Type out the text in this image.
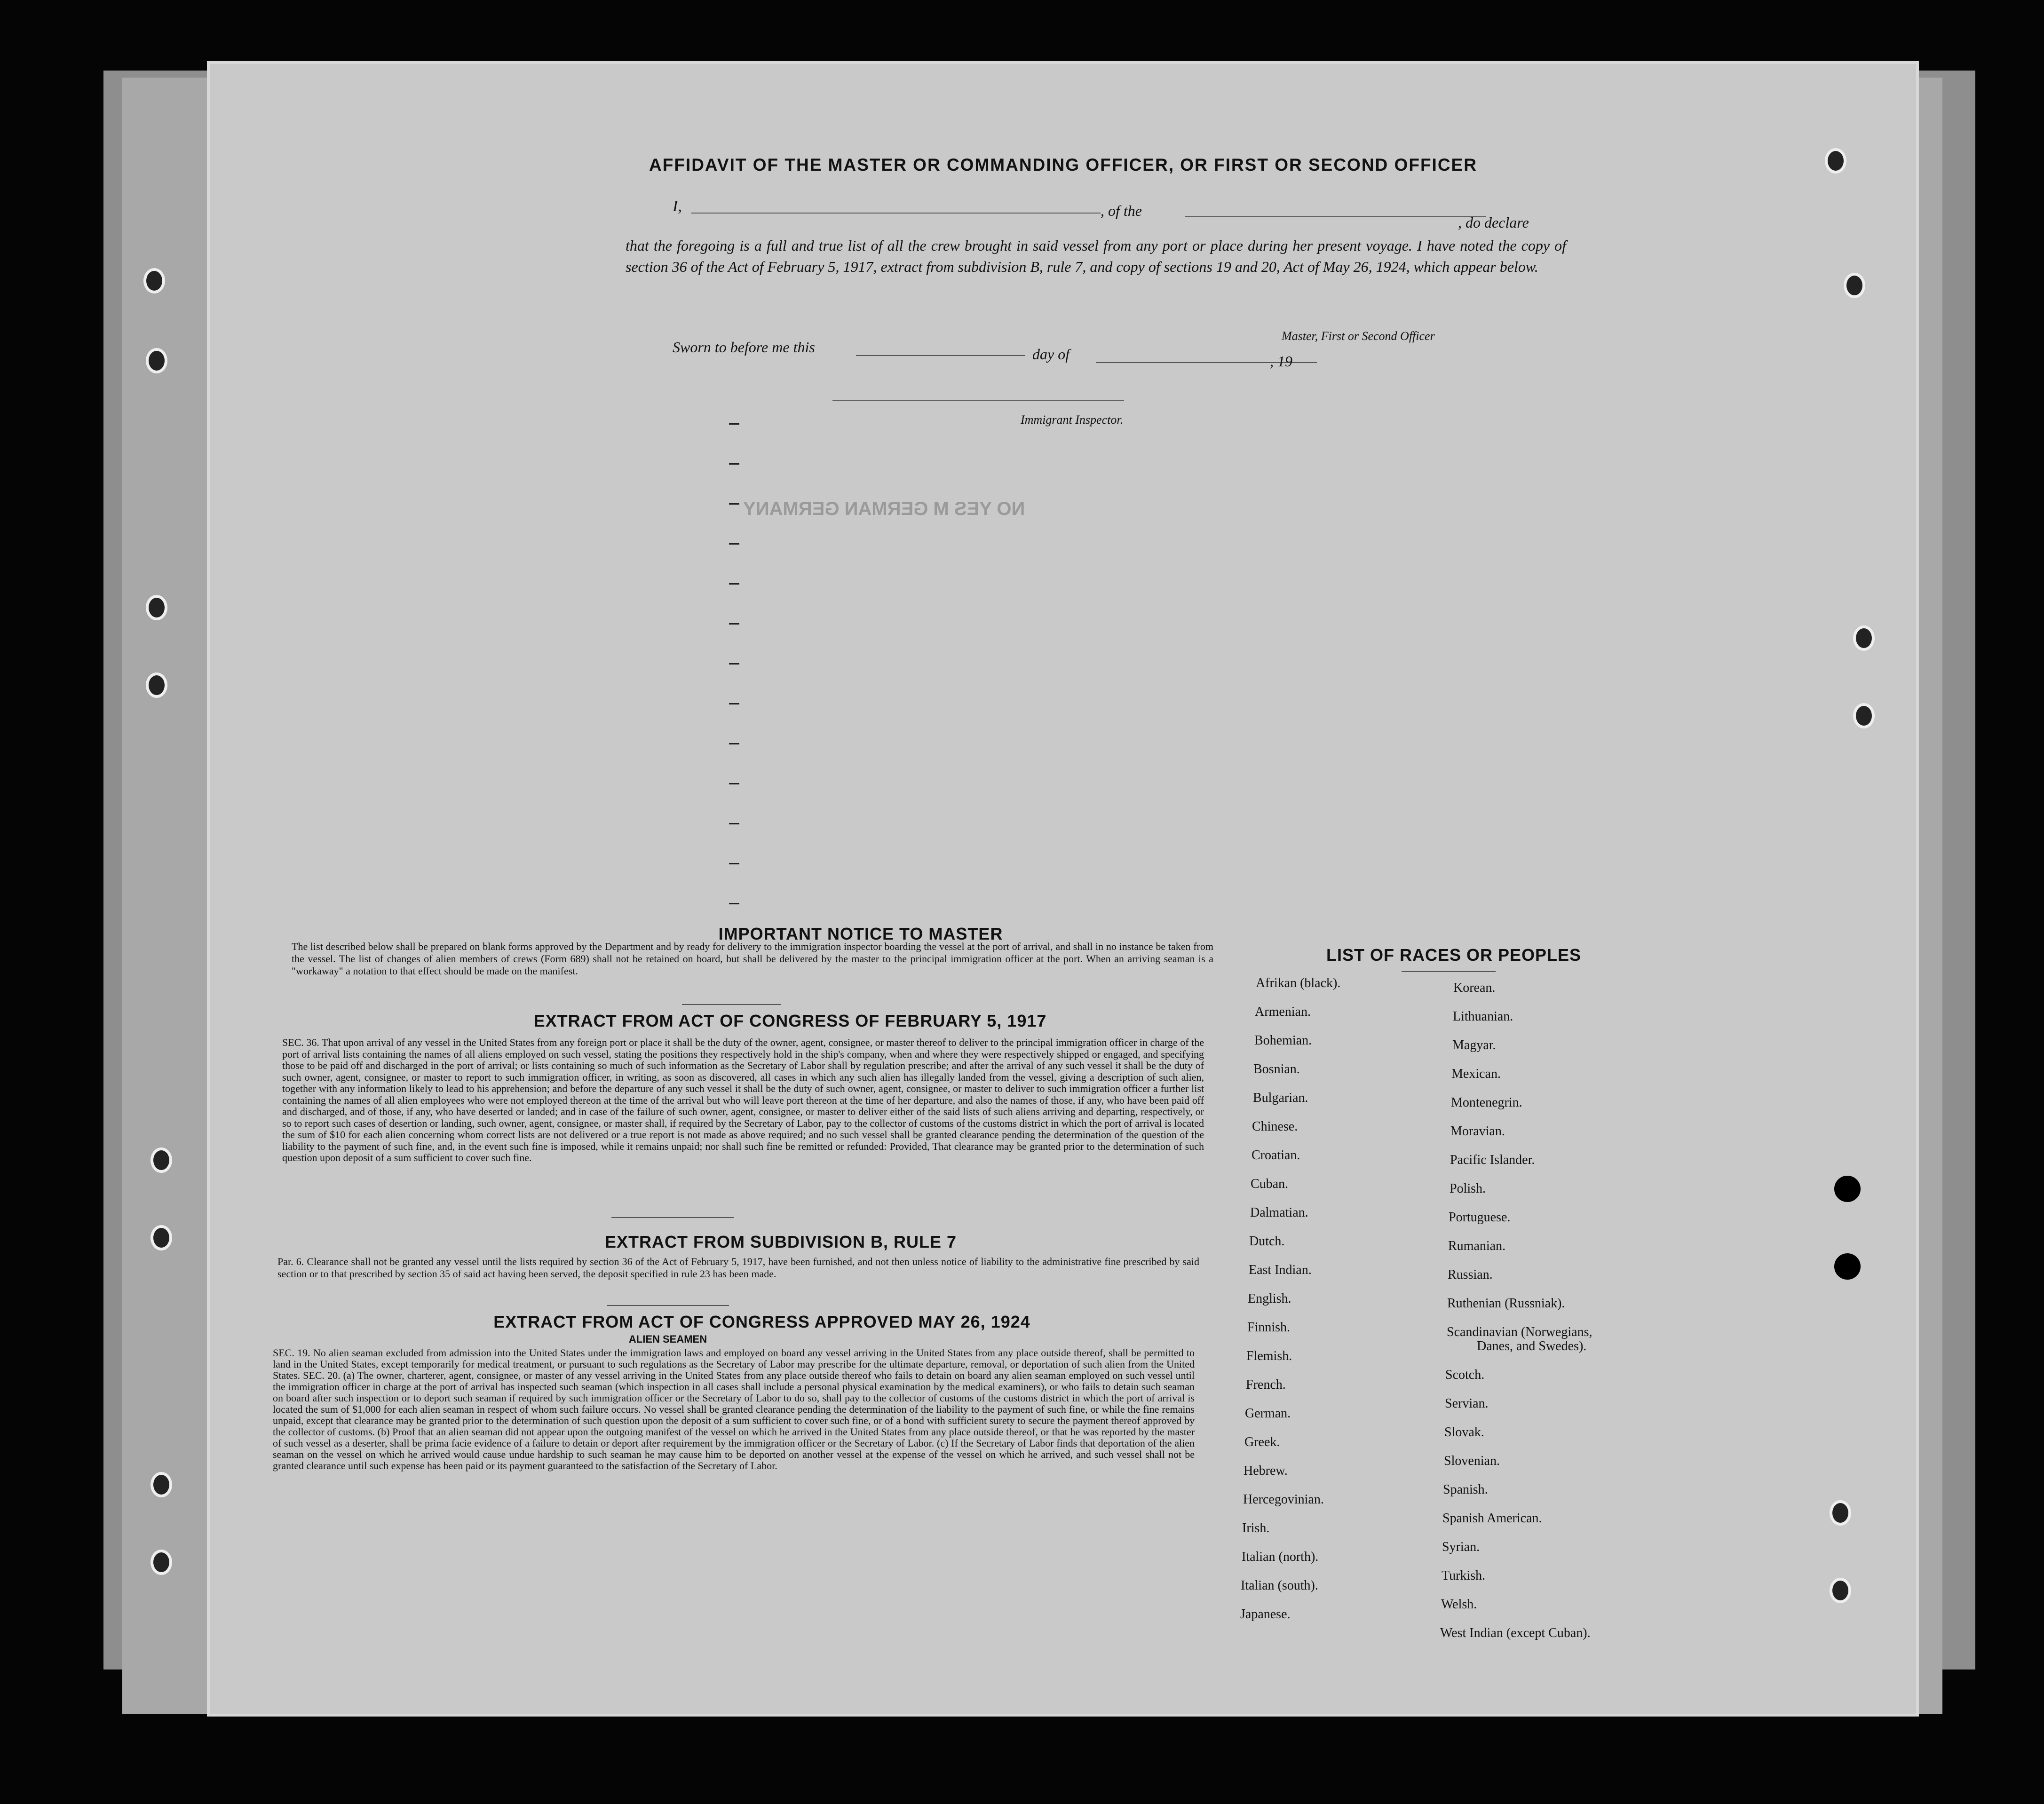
NO YES M GERMAN GERMANY
AFFIDAVIT OF THE MASTER OR COMMANDING OFFICER, OR FIRST OR SECOND OFFICER
I,	, of the
, do declare
that the foregoing is a full and true list of all the crew brought in said vessel from any port or place during her present voyage. I have noted the copy of section 36 of the Act of February 5, 1917, extract from subdivision B, rule 7, and copy of sections 19 and 20, Act of May 26, 1924, which appear below.
Sworn to before me this	day of	, 19
Master, First or Second Officer
Immigrant Inspector.
IMPORTANT NOTICE TO MASTER
The list described below shall be prepared on blank forms approved by the Department and by ready for delivery to the immigration inspector boarding the vessel at the port of arrival, and shall in no instance be taken from the vessel. The list of changes of alien members of crews (Form 689) shall not be retained on board, but shall be delivered by the master to the principal immigration officer at the port. When an arriving seaman is a "workaway" a notation to that effect should be made on the manifest.
EXTRACT FROM ACT OF CONGRESS OF FEBRUARY 5, 1917
SEC. 36. That upon arrival of any vessel in the United States from any foreign port or place it shall be the duty of the owner, agent, consignee, or master thereof to deliver to the principal immigration officer in charge of the port of arrival lists containing the names of all aliens employed on such vessel, stating the positions they respectively hold in the ship's company, when and where they were respectively shipped or engaged, and specifying those to be paid off and discharged in the port of arrival; or lists containing so much of such information as the Secretary of Labor shall by regulation prescribe; and after the arrival of any such vessel it shall be the duty of such owner, agent, consignee, or master to report to such immigration officer, in writing, as soon as discovered, all cases in which any such alien has illegally landed from the vessel, giving a description of such alien, together with any information likely to lead to his apprehension; and before the departure of any such vessel it shall be the duty of such owner, agent, consignee, or master to deliver to such immigration officer a further list containing the names of all alien employees who were not employed thereon at the time of the arrival but who will leave port thereon at the time of her departure, and also the names of those, if any, who have been paid off and discharged, and of those, if any, who have deserted or landed; and in case of the failure of such owner, agent, consignee, or master to deliver either of the said lists of such aliens arriving and departing, respectively, or so to report such cases of desertion or landing, such owner, agent, consignee, or master shall, if required by the Secretary of Labor, pay to the collector of customs of the customs district in which the port of arrival is located the sum of $10 for each alien concerning whom correct lists are not delivered or a true report is not made as above required; and no such vessel shall be granted clearance pending the determination of the question of the liability to the payment of such fine, and, in the event such fine is imposed, while it remains unpaid; nor shall such fine be remitted or refunded: Provided, That clearance may be granted prior to the determination of such question upon deposit of a sum sufficient to cover such fine.
EXTRACT FROM SUBDIVISION B, RULE 7
Par. 6. Clearance shall not be granted any vessel until the lists required by section 36 of the Act of February 5, 1917, have been furnished, and not then unless notice of liability to the administrative fine prescribed by said section or to that prescribed by section 35 of said act having been served, the deposit specified in rule 23 has been made.
EXTRACT FROM ACT OF CONGRESS APPROVED MAY 26, 1924
ALIEN SEAMEN
SEC. 19. No alien seaman excluded from admission into the United States under the immigration laws and employed on board any vessel arriving in the United States from any place outside thereof, shall be permitted to land in the United States, except temporarily for medical treatment, or pursuant to such regulations as the Secretary of Labor may prescribe for the ultimate departure, removal, or deportation of such alien from the United States. SEC. 20. (a) The owner, charterer, agent, consignee, or master of any vessel arriving in the United States from any place outside thereof who fails to detain on board any alien seaman employed on such vessel until the immigration officer in charge at the port of arrival has inspected such seaman (which inspection in all cases shall include a personal physical examination by the medical examiners), or who fails to detain such seaman on board after such inspection or to deport such seaman if required by such immigration officer or the Secretary of Labor to do so, shall pay to the collector of customs of the customs district in which the port of arrival is located the sum of $1,000 for each alien seaman in respect of whom such failure occurs. No vessel shall be granted clearance pending the determination of the liability to the payment of such fine, or while the fine remains unpaid, except that clearance may be granted prior to the determination of such question upon the deposit of a sum sufficient to cover such fine, or of a bond with sufficient surety to secure the payment thereof approved by the collector of customs. (b) Proof that an alien seaman did not appear upon the outgoing manifest of the vessel on which he arrived in the United States from any place outside thereof, or that he was reported by the master of such vessel as a deserter, shall be prima facie evidence of a failure to detain or deport after requirement by the immigration officer or the Secretary of Labor. (c) If the Secretary of Labor finds that deportation of the alien seaman on the vessel on which he arrived would cause undue hardship to such seaman he may cause him to be deported on another vessel at the expense of the vessel on which he arrived, and such vessel shall not be granted clearance until such expense has been paid or its payment guaranteed to the satisfaction of the Secretary of Labor.
LIST OF RACES OR PEOPLES
Afrikan (black).
Armenian.
Bohemian.
Bosnian.
Bulgarian.
Chinese.
Croatian.
Cuban.
Dalmatian.
Dutch.
East Indian.
English.
Finnish.
Flemish.
French.
German.
Greek.
Hebrew.
Hercegovinian.
Irish.
Italian (north).
Italian (south).
Japanese.
Korean.
Lithuanian.
Magyar.
Mexican.
Montenegrin.
Moravian.
Pacific Islander.
Polish.
Portuguese.
Rumanian.
Russian.
Ruthenian (Russniak).
Scandinavian (Norwegians,
Danes, and Swedes).
Scotch.
Servian.
Slovak.
Slovenian.
Spanish.
Spanish American.
Syrian.
Turkish.
Welsh.
West Indian (except Cuban).
